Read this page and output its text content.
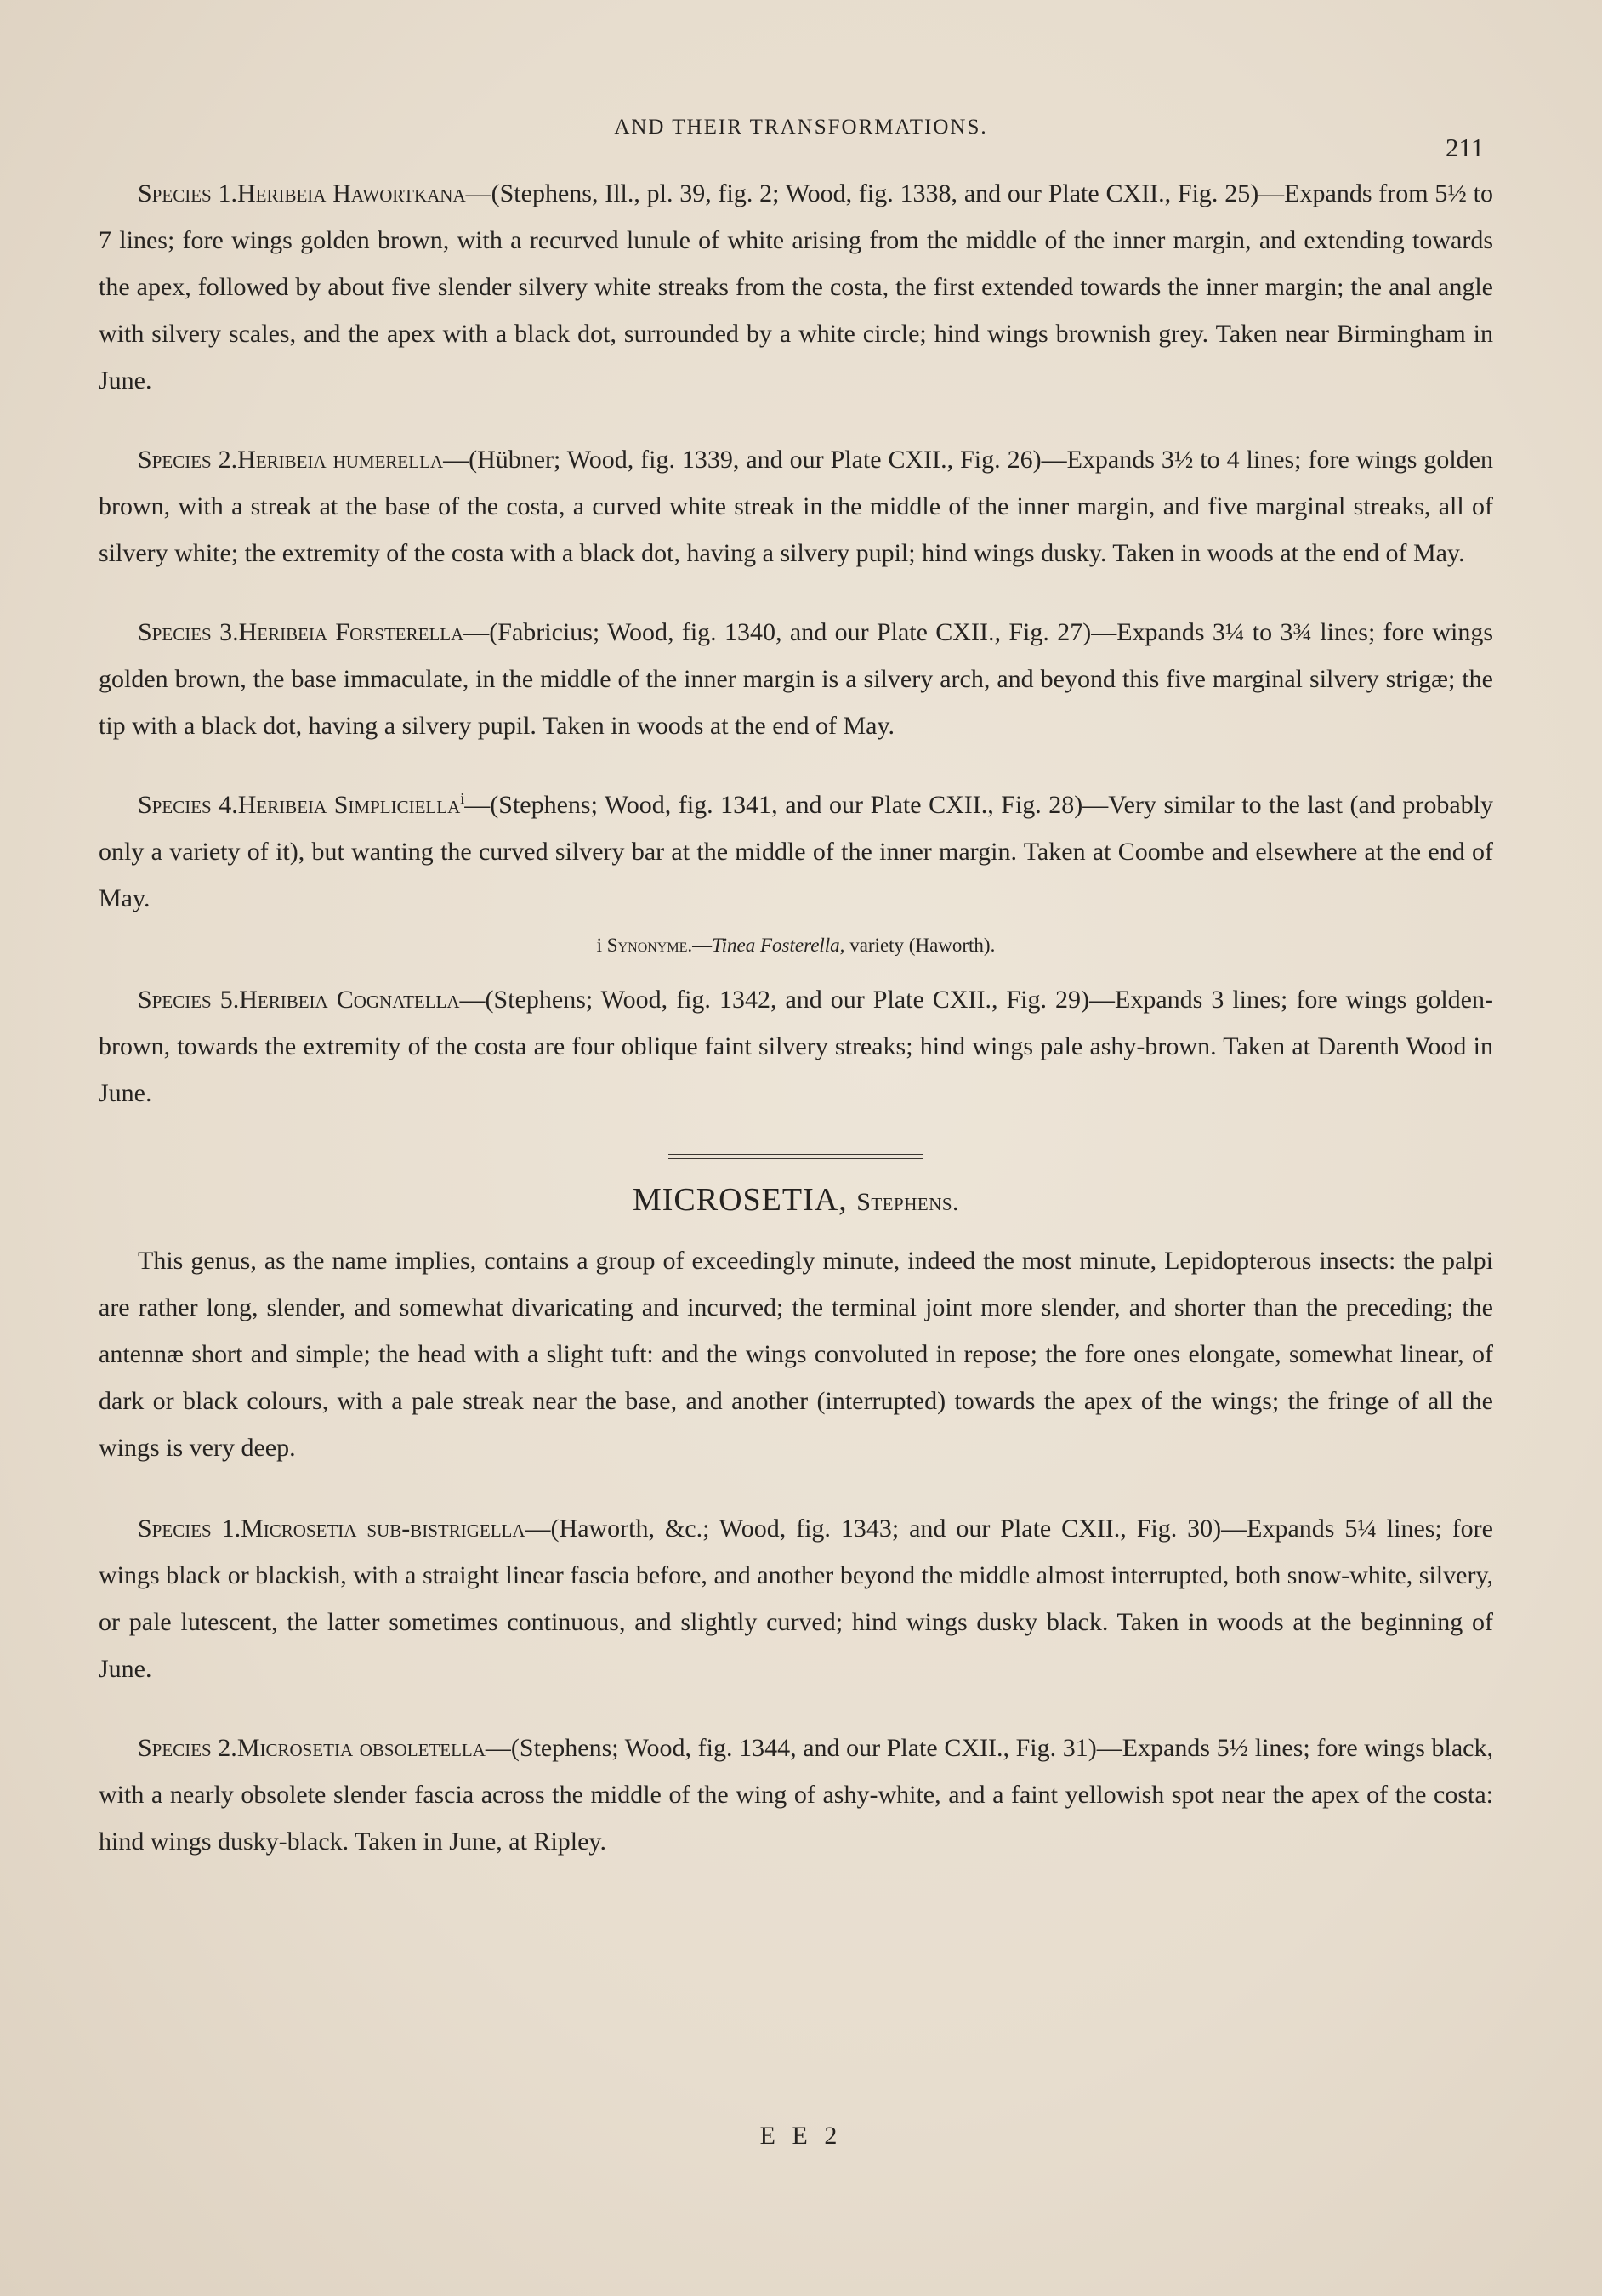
AND THEIR TRANSFORMATIONS.
211

Species 1.Heribeia Hawortkana—(Stephens, Ill., pl. 39, fig. 2; Wood, fig. 1338, and our Plate CXII., Fig. 25)—Expands from 5½ to 7 lines; fore wings golden brown, with a recurved lunule of white arising from the middle of the inner margin, and extending towards the apex, followed by about five slender silvery white streaks from the costa, the first extended towards the inner margin; the anal angle with silvery scales, and the apex with a black dot, surrounded by a white circle; hind wings brownish grey. Taken near Birmingham in June.

Species 2.Heribeia humerella—(Hübner; Wood, fig. 1339, and our Plate CXII., Fig. 26)—Expands 3½ to 4 lines; fore wings golden brown, with a streak at the base of the costa, a curved white streak in the middle of the inner margin, and five marginal streaks, all of silvery white; the extremity of the costa with a black dot, having a silvery pupil; hind wings dusky. Taken in woods at the end of May.

Species 3.Heribeia Forsterella—(Fabricius; Wood, fig. 1340, and our Plate CXII., Fig. 27)—Expands 3¼ to 3¾ lines; fore wings golden brown, the base immaculate, in the middle of the inner margin is a silvery arch, and beyond this five marginal silvery strigæ; the tip with a black dot, having a silvery pupil. Taken in woods at the end of May.

Species 4.Heribeia Simpliciella$^i$—(Stephens; Wood, fig. 1341, and our Plate CXII., Fig. 28)—Very similar to the last (and probably only a variety of it), but wanting the curved silvery bar at the middle of the inner margin. Taken at Coombe and elsewhere at the end of May.

i Synonyme.—Tinea Fosterella, variety (Haworth).

Species 5.Heribeia Cognatella—(Stephens; Wood, fig. 1342, and our Plate CXII., Fig. 29)—Expands 3 lines; fore wings golden-brown, towards the extremity of the costa are four oblique faint silvery streaks; hind wings pale ashy-brown. Taken at Darenth Wood in June.

MICROSETIA, Stephens.

This genus, as the name implies, contains a group of exceedingly minute, indeed the most minute, Lepidopterous insects: the palpi are rather long, slender, and somewhat divaricating and incurved; the terminal joint more slender, and shorter than the preceding; the antennæ short and simple; the head with a slight tuft: and the wings convoluted in repose; the fore ones elongate, somewhat linear, of dark or black colours, with a pale streak near the base, and another (interrupted) towards the apex of the wings; the fringe of all the wings is very deep.

Species 1.Microsetia sub-bistrigella—(Haworth, &c.; Wood, fig. 1343; and our Plate CXII., Fig. 30)—Expands 5¼ lines; fore wings black or blackish, with a straight linear fascia before, and another beyond the middle almost interrupted, both snow-white, silvery, or pale lutescent, the latter sometimes continuous, and slightly curved; hind wings dusky black. Taken in woods at the beginning of June.

Species 2.Microsetia obsoletella—(Stephens; Wood, fig. 1344, and our Plate CXII., Fig. 31)—Expands 5½ lines; fore wings black, with a nearly obsolete slender fascia across the middle of the wing of ashy-white, and a faint yellowish spot near the apex of the costa: hind wings dusky-black. Taken in June, at Ripley.

E E 2
